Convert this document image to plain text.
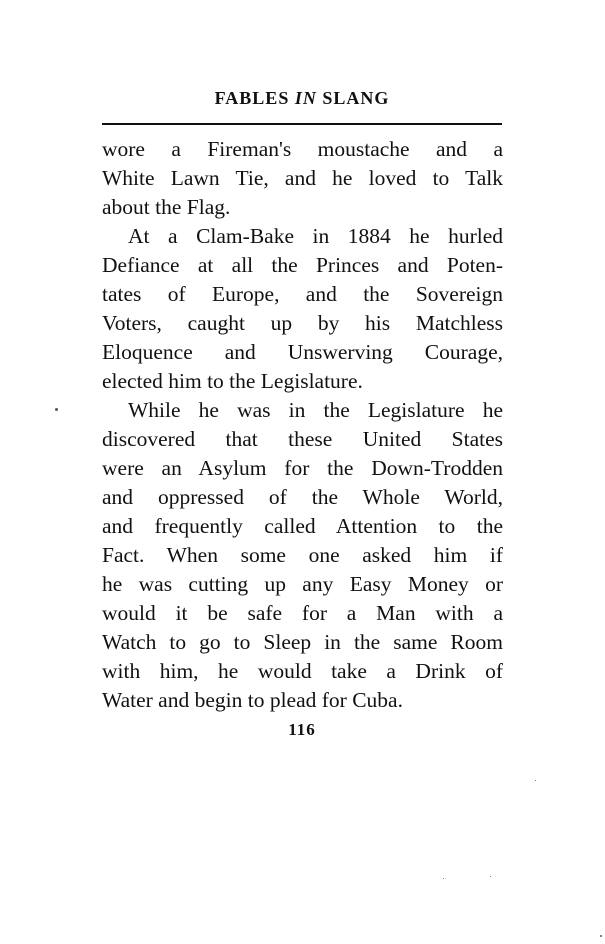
FABLES IN SLANG
wore a Fireman's moustache and a
White Lawn Tie, and he loved to Talk
about the Flag.
At a Clam-Bake in 1884 he hurled
Defiance at all the Princes and Poten-
tates of Europe, and the Sovereign
Voters, caught up by his Matchless
Eloquence and Unswerving Courage,
elected him to the Legislature.
While he was in the Legislature he
discovered that these United States
were an Asylum for the Down-Trodden
and oppressed of the Whole World,
and frequently called Attention to the
Fact. When some one asked him if
he was cutting up any Easy Money or
would it be safe for a Man with a
Watch to go to Sleep in the same Room
with him, he would take a Drink of
Water and begin to plead for Cuba.
116
